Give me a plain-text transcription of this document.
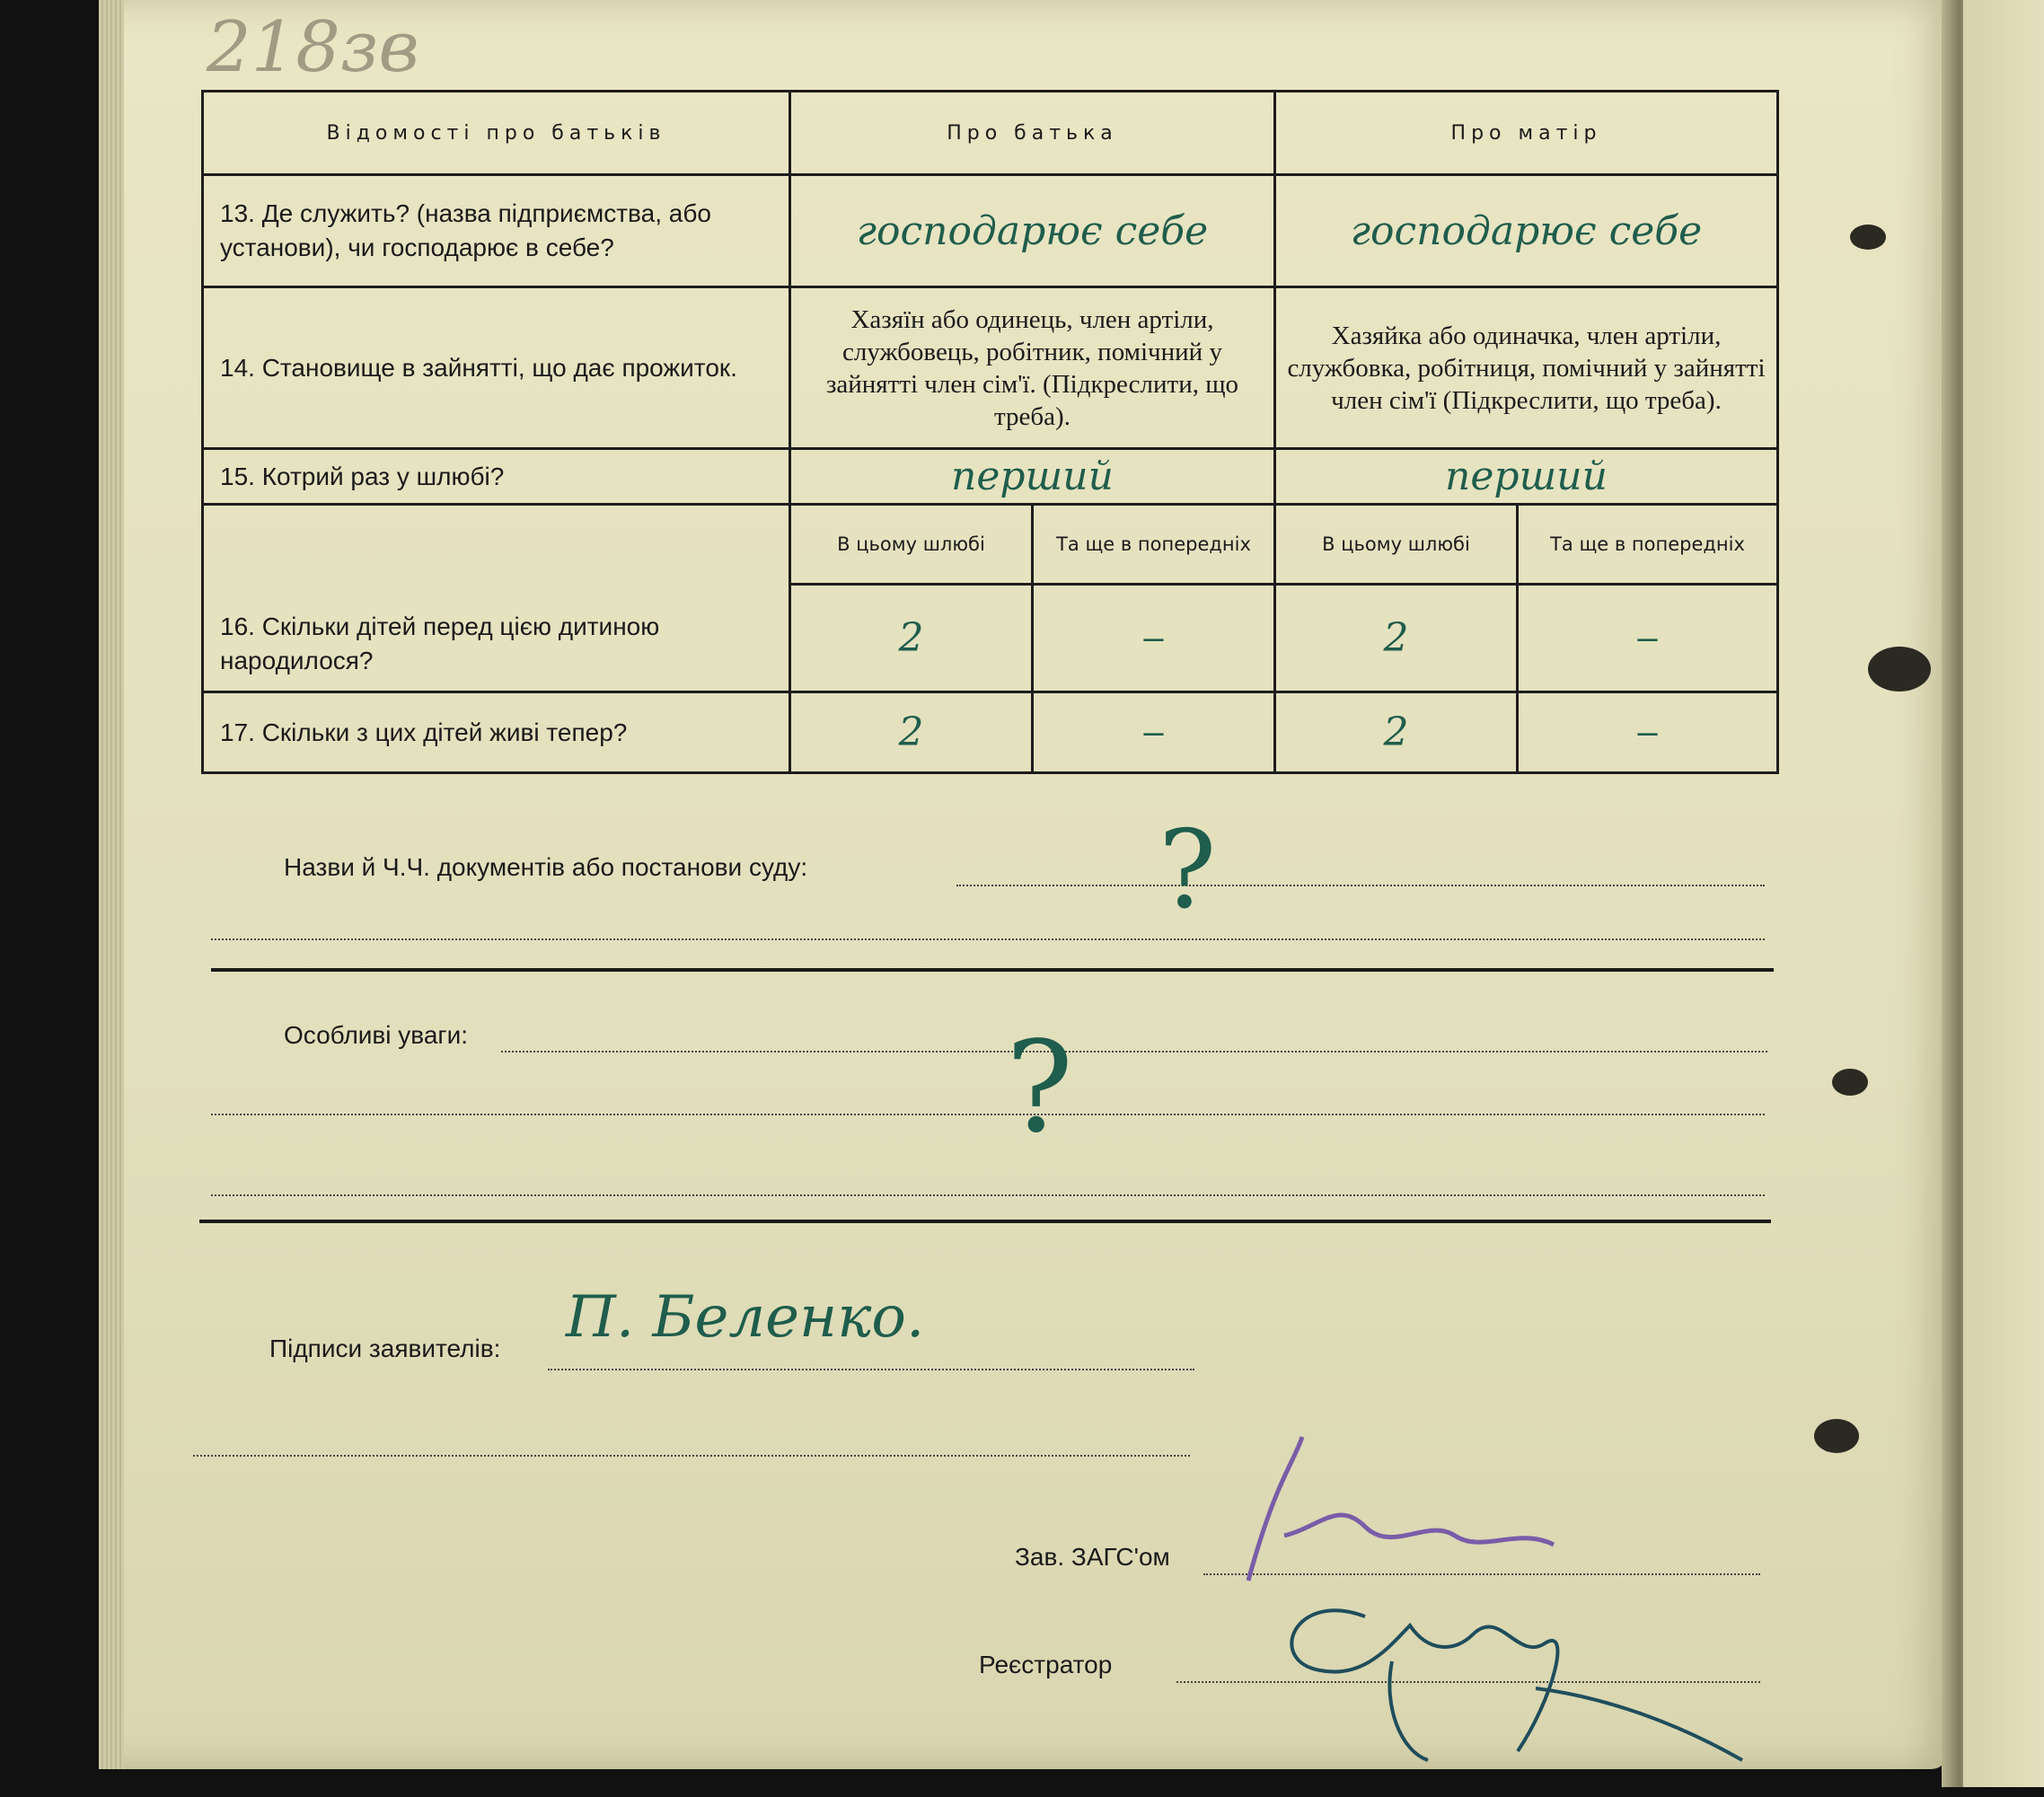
218зв
Відомості про батьків	Про батька		Про матір	
13. Де служить? (назва підприємства, або установи), чи господарює в себе?	господарює себе		господарює себе	
14. Становище в зайнятті, що дає прожиток.	Хазяїн або одинець, член артіли, службовець, робітник, помічний у зайнятті член сім'ї. (Підкреслити, що треба).		Хазяйка або одиначка, член артіли, службовка, робітниця, помічний у зайнятті член сім'ї (Підкреслити, що треба).	
15. Котрий раз у шлюбі?	перший		перший	
16. Скільки дітей перед цією дитиною народилося?	В цьому шлюбі	Та ще в попередніх	В цьому шлюбі	Та ще в попередніх
	2	–	2	–
17. Скільки з цих дітей живі тепер?	2	–	2	–
Назви й Ч.Ч. документів або постанови суду:	?
Особливі уваги:	?
Підписи заявителів: П. Беленко.
Зав. ЗАГС'ом
Реєстратор
